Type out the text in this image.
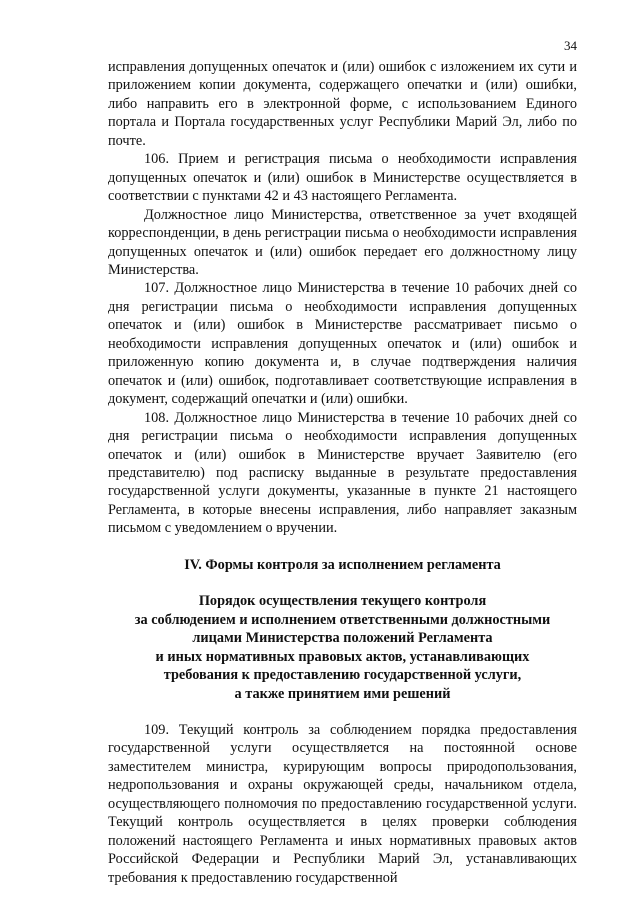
34

исправления допущенных опечаток и (или) ошибок с изложением их сути и приложением копии документа, содержащего опечатки и (или) ошибки, либо направить его в электронной форме, с использованием Единого портала и Портала государственных услуг Республики Марий Эл, либо по почте.

106. Прием и регистрация письма о необходимости исправления допущенных опечаток и (или) ошибок в Министерстве осуществляется в соответствии с пунктами 42 и 43 настоящего Регламента.

Должностное лицо Министерства, ответственное за учет входящей корреспонденции, в день регистрации письма о необходимости исправления допущенных опечаток и (или) ошибок передает его должностному лицу Министерства.

107. Должностное лицо Министерства в течение 10 рабочих дней со дня регистрации письма о необходимости исправления допущенных опечаток и (или) ошибок в Министерстве рассматривает письмо о необходимости исправления допущенных опечаток и (или) ошибок и приложенную копию документа и, в случае подтверждения наличия опечаток и (или) ошибок, подготавливает соответствующие исправления в документ, содержащий опечатки и (или) ошибки.

108. Должностное лицо Министерства в течение 10 рабочих дней со дня регистрации письма о необходимости исправления допущенных опечаток и (или) ошибок в Министерстве вручает Заявителю (его представителю) под расписку выданные в результате предоставления государственной услуги документы, указанные в пункте 21 настоящего Регламента, в которые внесены исправления, либо направляет заказным письмом с уведомлением о вручении.

IV. Формы контроля за исполнением регламента

Порядок осуществления текущего контроля
за соблюдением и исполнением ответственными должностными
лицами Министерства положений Регламента
и иных нормативных правовых актов, устанавливающих
требования к предоставлению государственной услуги,
а также принятием ими решений

109. Текущий контроль за соблюдением порядка предоставления государственной услуги осуществляется на постоянной основе заместителем министра, курирующим вопросы природопользования, недропользования и охраны окружающей среды, начальником отдела, осуществляющего полномочия по предоставлению государственной услуги. Текущий контроль осуществляется в целях проверки соблюдения положений настоящего Регламента и иных нормативных правовых актов Российской Федерации и Республики Марий Эл, устанавливающих требования к предоставлению государственной
